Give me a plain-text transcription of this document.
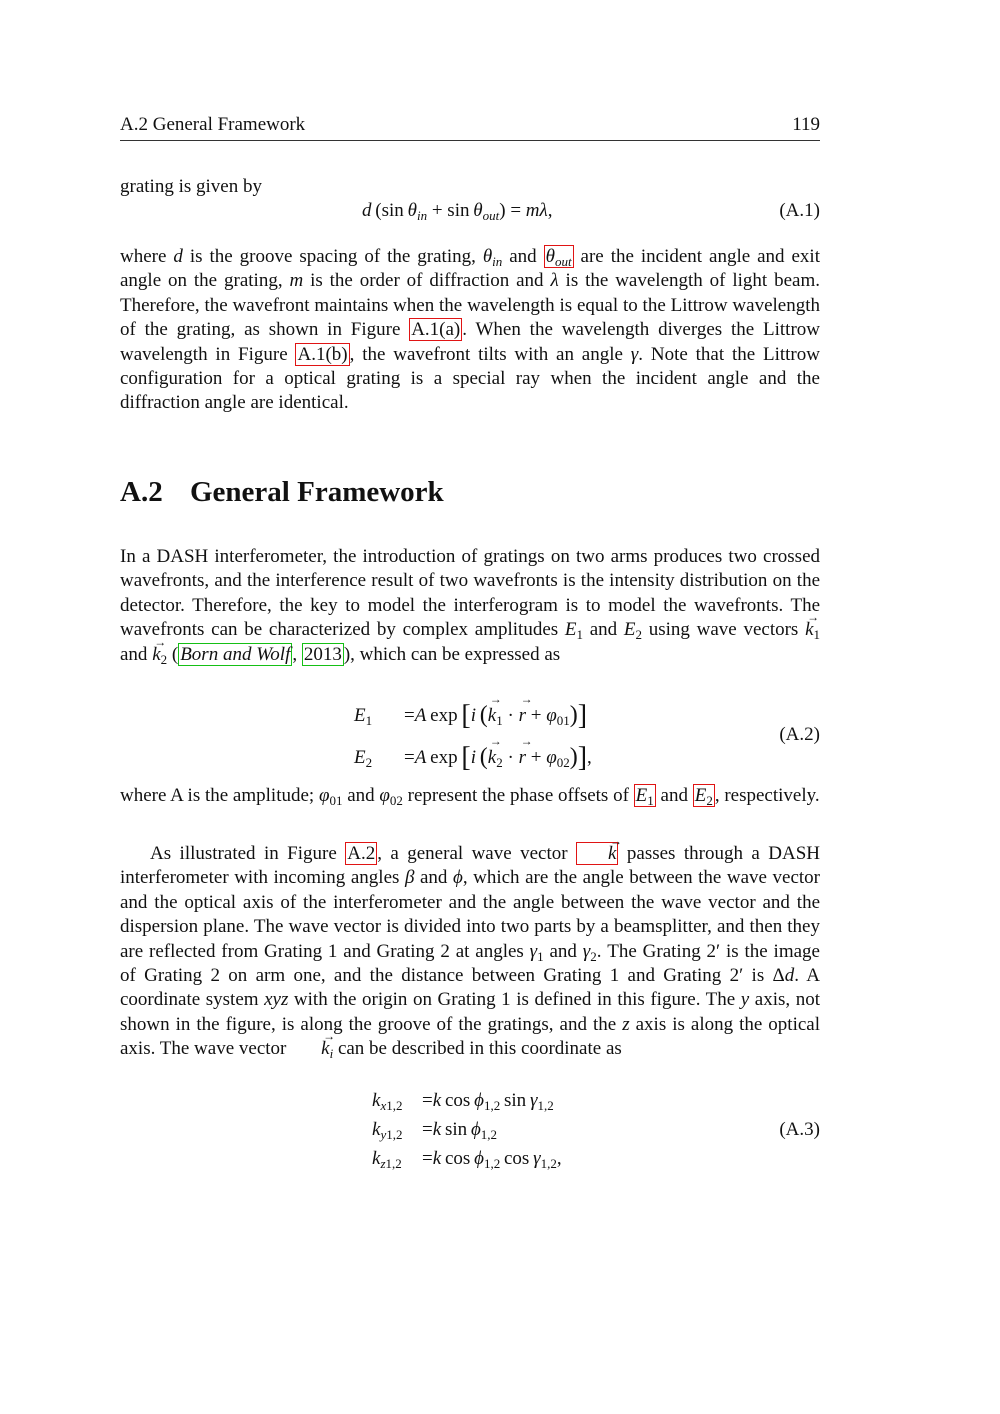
A.2 General Framework	119
grating is given by
d (sin $\theta_{in} + \sin \theta_{out}) = m\lambda$,	(A.1)
where d is the groove spacing of the grating, $\theta_{in}$ and $\theta_{out}$ are the incident angle and exit angle on the grating, m is the order of diffraction and λ is the wavelength of light beam. Therefore, the wavefront maintains when the wavelength is equal to the Littrow wavelength of the grating, as shown in Figure A.1(a) . When the wavelength diverges the Littrow wavelength in Figure A.1(b) , the wavefront tilts with an angle γ. Note that the Littrow configuration for a optical grating is a special ray when the incident angle and the diffraction angle are identical.
A.2 General Framework
In a DASH interferometer, the introduction of gratings on two arms produces two crossed wavefronts, and the interference result of two wavefronts is the intensity distribution on the detector. Therefore, the key to model the interferogram is to model the wavefronts. The wavefronts can be characterized by complex amplitudes $E_1$ and $E_2$ using wave vectors → $k_1$ and → $k_2$ ( Born and Wolf , 2013 ), which can be expressed as
$E_1 =A$ exp [i  (→ $k_1$ · → $r + \varphi_{01}$)]
$E_2 =A$ exp [i  (→ $k_2$ · → $r + \varphi_{02}$)],
(A.2)
where A is the amplitude; $\varphi_{01}$ and $\varphi_{02}$ represent the phase offsets of $E_1$ and $E_2$ , respectively.
As illustrated in Figure A.2 , a general wave vector → k passes through a DASH interferometer with incoming angles β and ϕ, which are the angle between the wave vector and the optical axis of the interferometer and the angle between the wave vector and the dispersion plane. The wave vector is divided into two parts by a beamsplitter, and then they are reflected from Grating 1 and Grating 2 at angles $\gamma_1$ and $\gamma_2$. The Grating 2′ is the image of Grating 2 on arm one, and the distance between Grating 1 and Grating 2′ is Δd. A coordinate system xyz with the origin on Grating 1 is defined in this figure. The y axis, not shown in the figure, is along the groove of the gratings, and the z axis is along the optical axis. The wave vector → $k_i$ can be described in this coordinate as
$k_{x1,2} =k$ $\cos \phi_{1,2}$ $\sin \gamma_{1,2}$
$k_{y1,2} =k$ $\sin \phi_{1,2}$
$k_{z1,2} =k$ $\cos \phi_{1,2}$ $\cos \gamma_{1,2}$,
(A.3)
